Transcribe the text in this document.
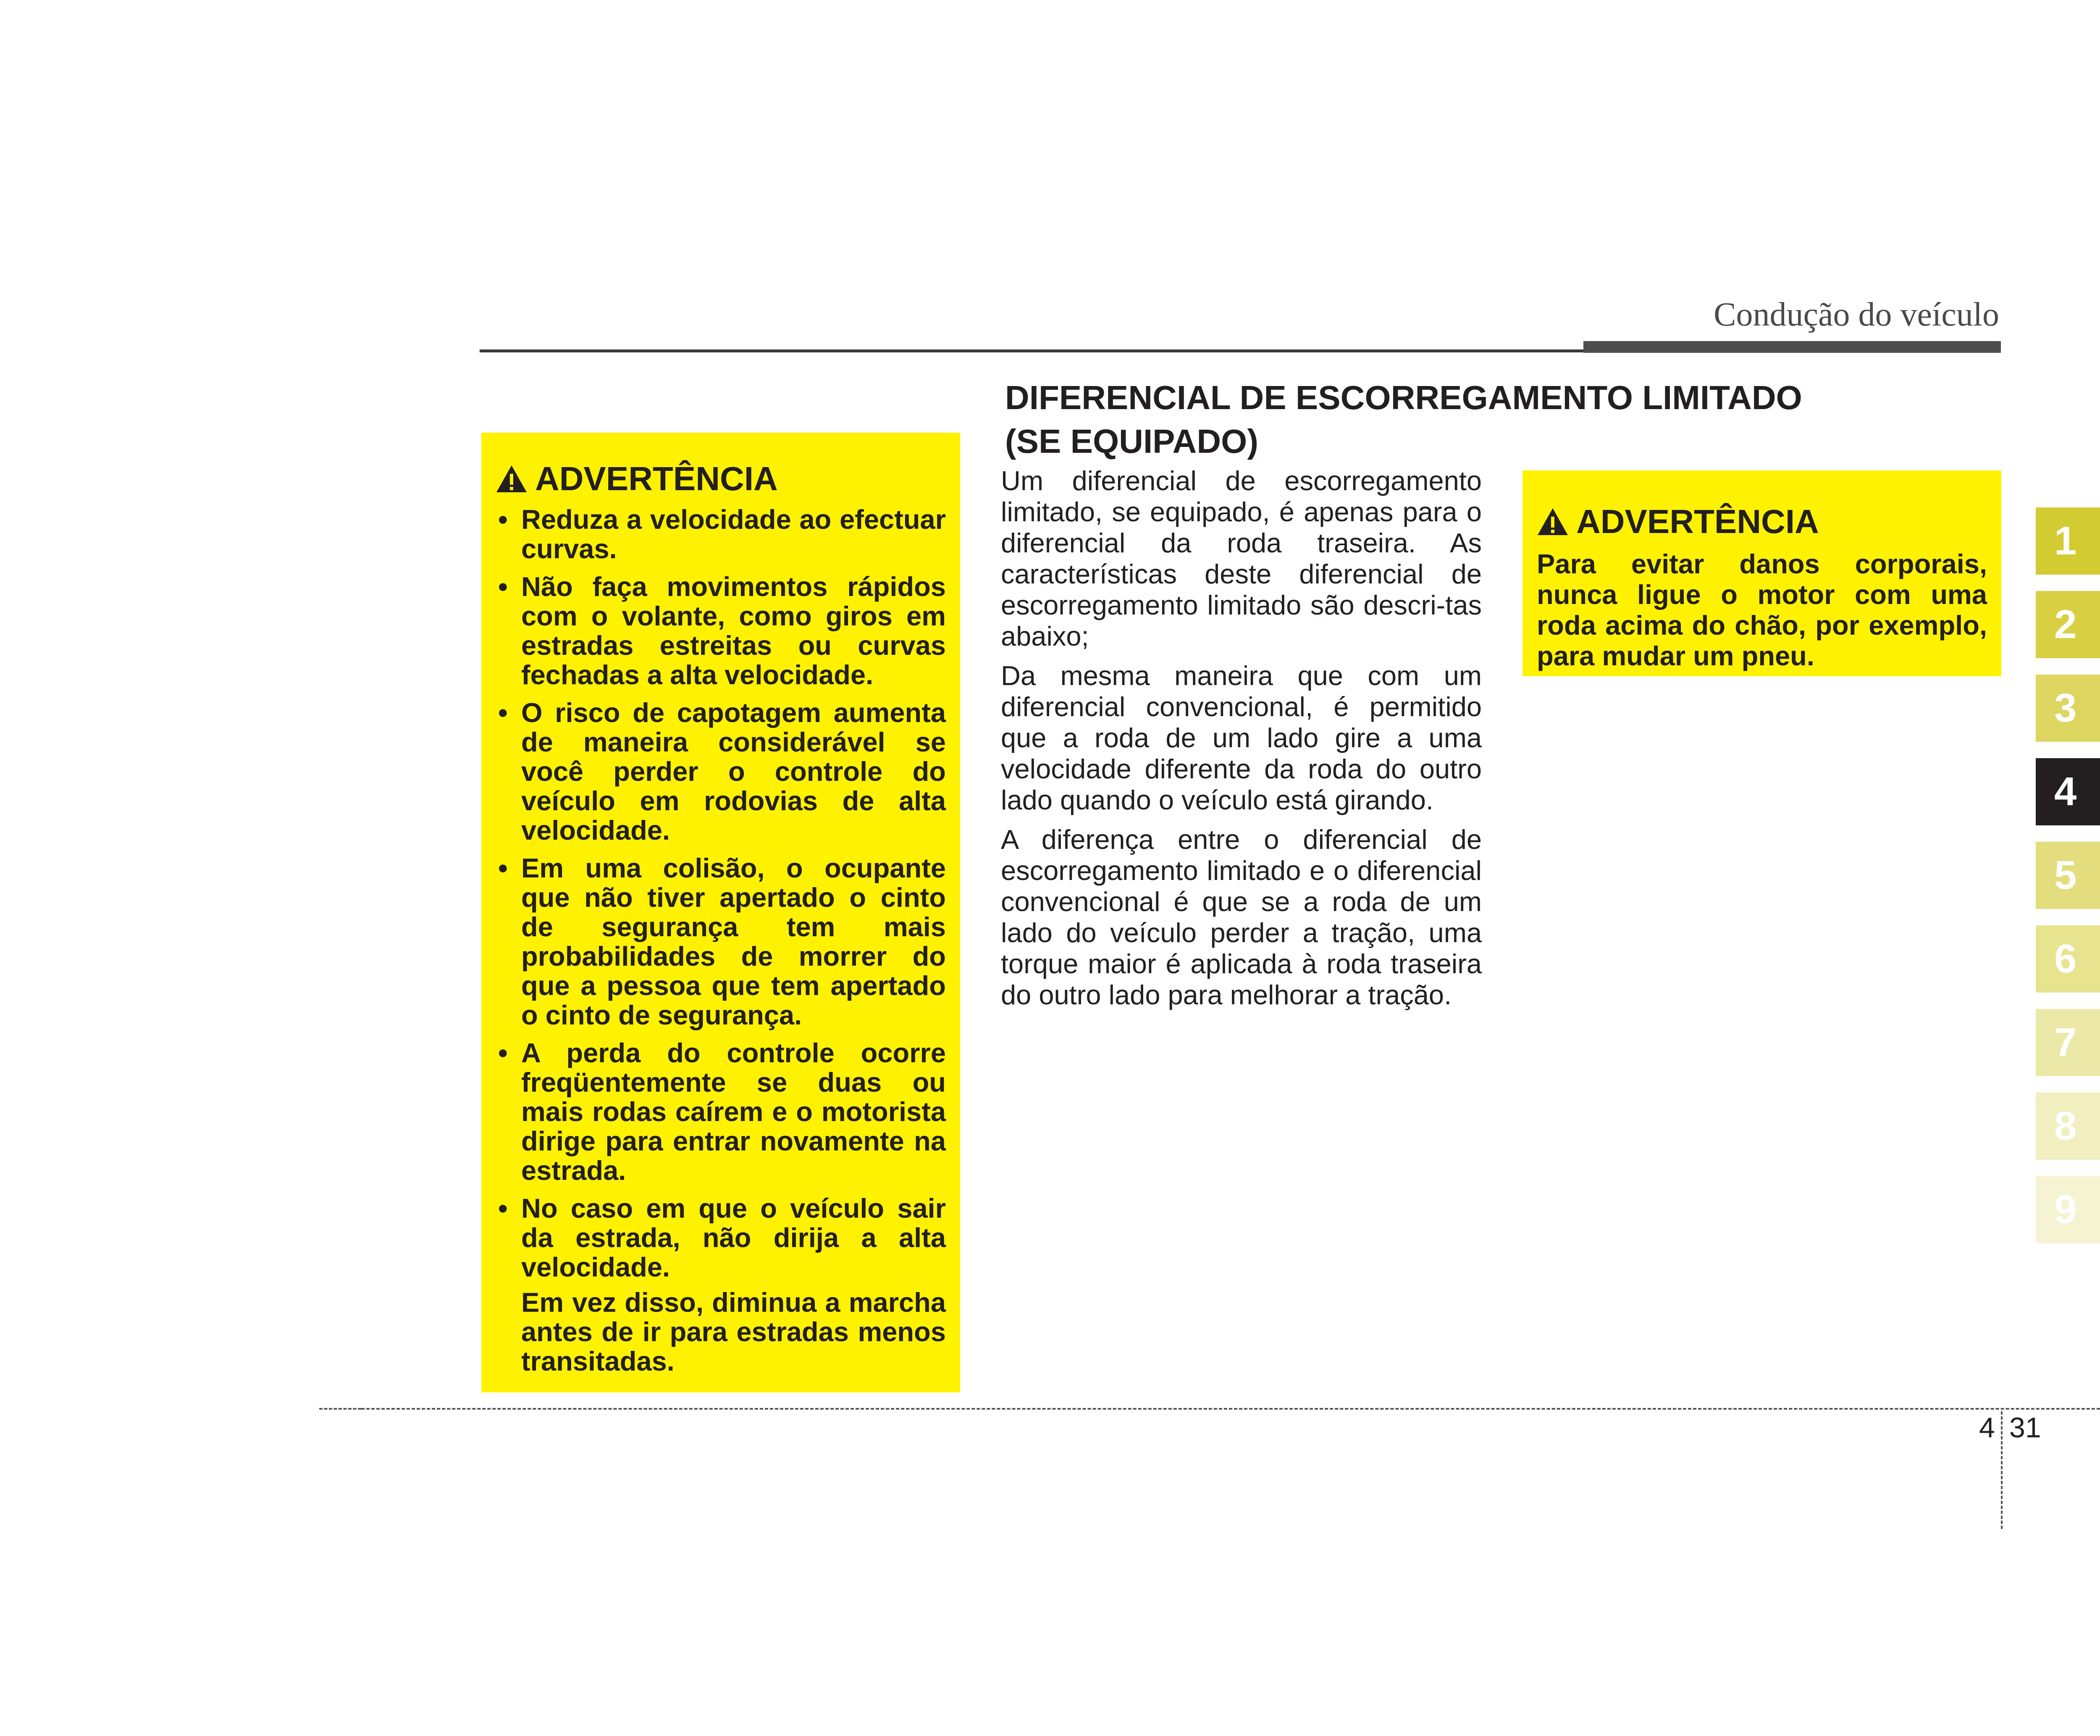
Condução do veículo
ADVERTÊNCIA
• Reduza a velocidade ao efectuar curvas.
• Não faça movimentos rápidos com o volante, como giros em estradas estreitas ou curvas fechadas a alta velocidade.
• O risco de capotagem aumenta de maneira considerável se você perder o controle do veículo em rodovias de alta velocidade.
• Em uma colisão, o ocupante que não tiver apertado o cinto de segurança tem mais probabilidades de morrer do que a pessoa que tem apertado o cinto de segurança.
• A perda do controle ocorre freqüentemente se duas ou mais rodas caírem e o motorista dirige para entrar novamente na estrada.
• No caso em que o veículo sair da estrada, não dirija a alta velocidade.
Em vez disso, diminua a marcha antes de ir para estradas menos transitadas.
DIFERENCIAL DE ESCORREGAMENTO LIMITADO
(SE EQUIPADO)

Um diferencial de escorregamento limitado, se equipado, é apenas para o diferencial da roda traseira. As características deste diferencial de escorregamento limitado são descri-tas abaixo;

Da mesma maneira que com um diferencial convencional, é permitido que a roda de um lado gire a uma velocidade diferente da roda do outro lado quando o veículo está girando.

A diferença entre o diferencial de escorregamento limitado e o diferencial convencional é que se a roda de um lado do veículo perder a tração, uma torque maior é aplicada à roda traseira do outro lado para melhorar a tração.

ADVERTÊNCIA
Para evitar danos corporais, nunca ligue o motor com uma roda acima do chão, por exemplo, para mudar um pneu.
1
2
3
4
5
6
7
8
9
4 31
